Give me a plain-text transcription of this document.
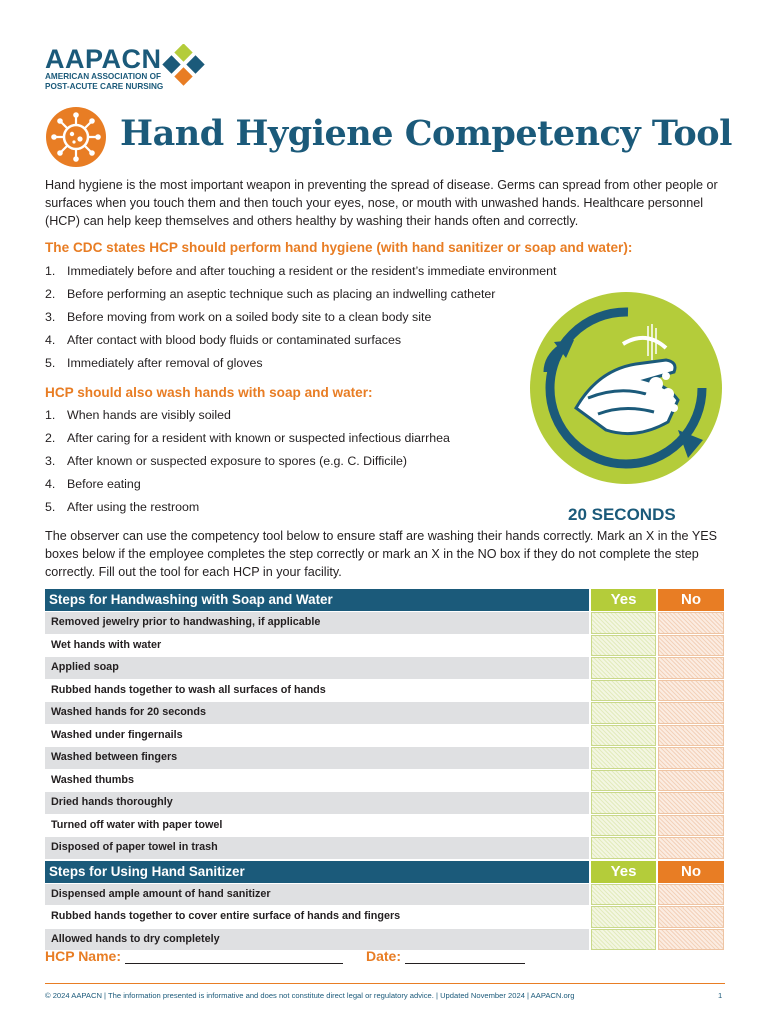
AAPACN
AMERICAN ASSOCIATION OF
POST-ACUTE CARE NURSING
Hand Hygiene Competency Tool

Hand hygiene is the most important weapon in preventing the spread of disease. Germs can spread from other people or surfaces when you touch them and then touch your eyes, nose, or mouth with unwashed hands. Healthcare personnel (HCP) can help keep themselves and others healthy by washing their hands often and correctly.

The CDC states HCP should perform hand hygiene (with hand sanitizer or soap and water):
1. Immediately before and after touching a resident or the resident’s immediate environment
2. Before performing an aseptic technique such as placing an indwelling catheter
3. Before moving from work on a soiled body site to a clean body site
4. After contact with blood body fluids or contaminated surfaces
5. Immediately after removal of gloves
HCP should also wash hands with soap and water:
1. When hands are visibly soiled
2. After caring for a resident with known or suspected infectious diarrhea
3. After known or suspected exposure to spores (e.g. C. Difficile)
4. Before eating
5. After using the restroom	20 SECONDS

The observer can use the competency tool below to ensure staff are washing their hands correctly. Mark an X in the YES boxes below if the employee completes the step correctly or mark an X in the NO box if they do not complete the step correctly. Fill out the tool for each HCP in your facility.

Steps for Handwashing with Soap and Water	Yes	No
Removed jewelry prior to handwashing, if applicable
Wet hands with water
Applied soap
Rubbed hands together to wash all surfaces of hands
Washed hands for 20 seconds
Washed under fingernails
Washed between fingers
Washed thumbs
Dried hands thoroughly
Turned off water with paper towel
Disposed of paper towel in trash
Steps for Using Hand Sanitizer	Yes	No
Dispensed ample amount of hand sanitizer
Rubbed hands together to cover entire surface of hands and fingers
Allowed hands to dry completely
HCP Name:	Date:
© 2024 AAPACN | The information presented is informative and does not constitute direct legal or regulatory advice. | Updated November 2024 | AAPACN.org	1
